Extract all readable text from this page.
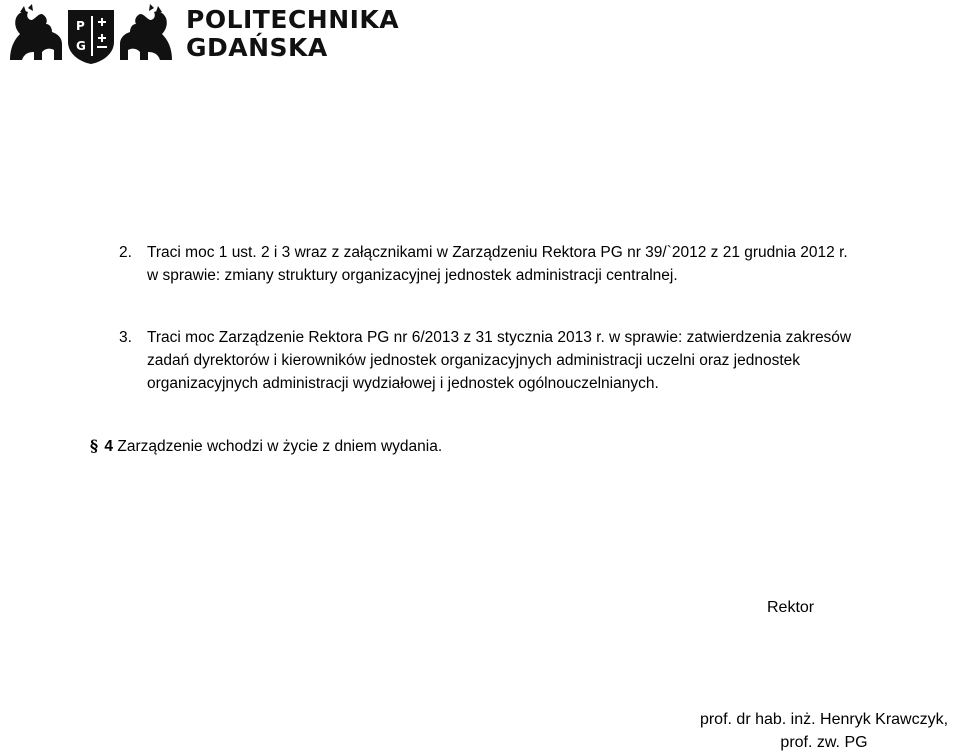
P
G
POLITECHNIKA
GDAŃSKA
2. Traci moc 1 ust. 2 i 3 wraz z załącznikami w Zarządzeniu Rektora PG nr 39/`2012 z 21 grudnia 2012 r.
w sprawie: zmiany struktury organizacyjnej jednostek administracji centralnej.
3. Traci moc Zarządzenie Rektora PG nr 6/2013 z 31 stycznia 2013 r. w sprawie: zatwierdzenia zakresów
zadań dyrektorów i kierowników jednostek organizacyjnych administracji uczelni oraz jednostek
organizacyjnych administracji wydziałowej i jednostek ogólnouczelnianych.
§ 4 Zarządzenie wchodzi w życie z dniem wydania.
Rektor
prof. dr hab. inż. Henryk Krawczyk,
prof. zw. PG
